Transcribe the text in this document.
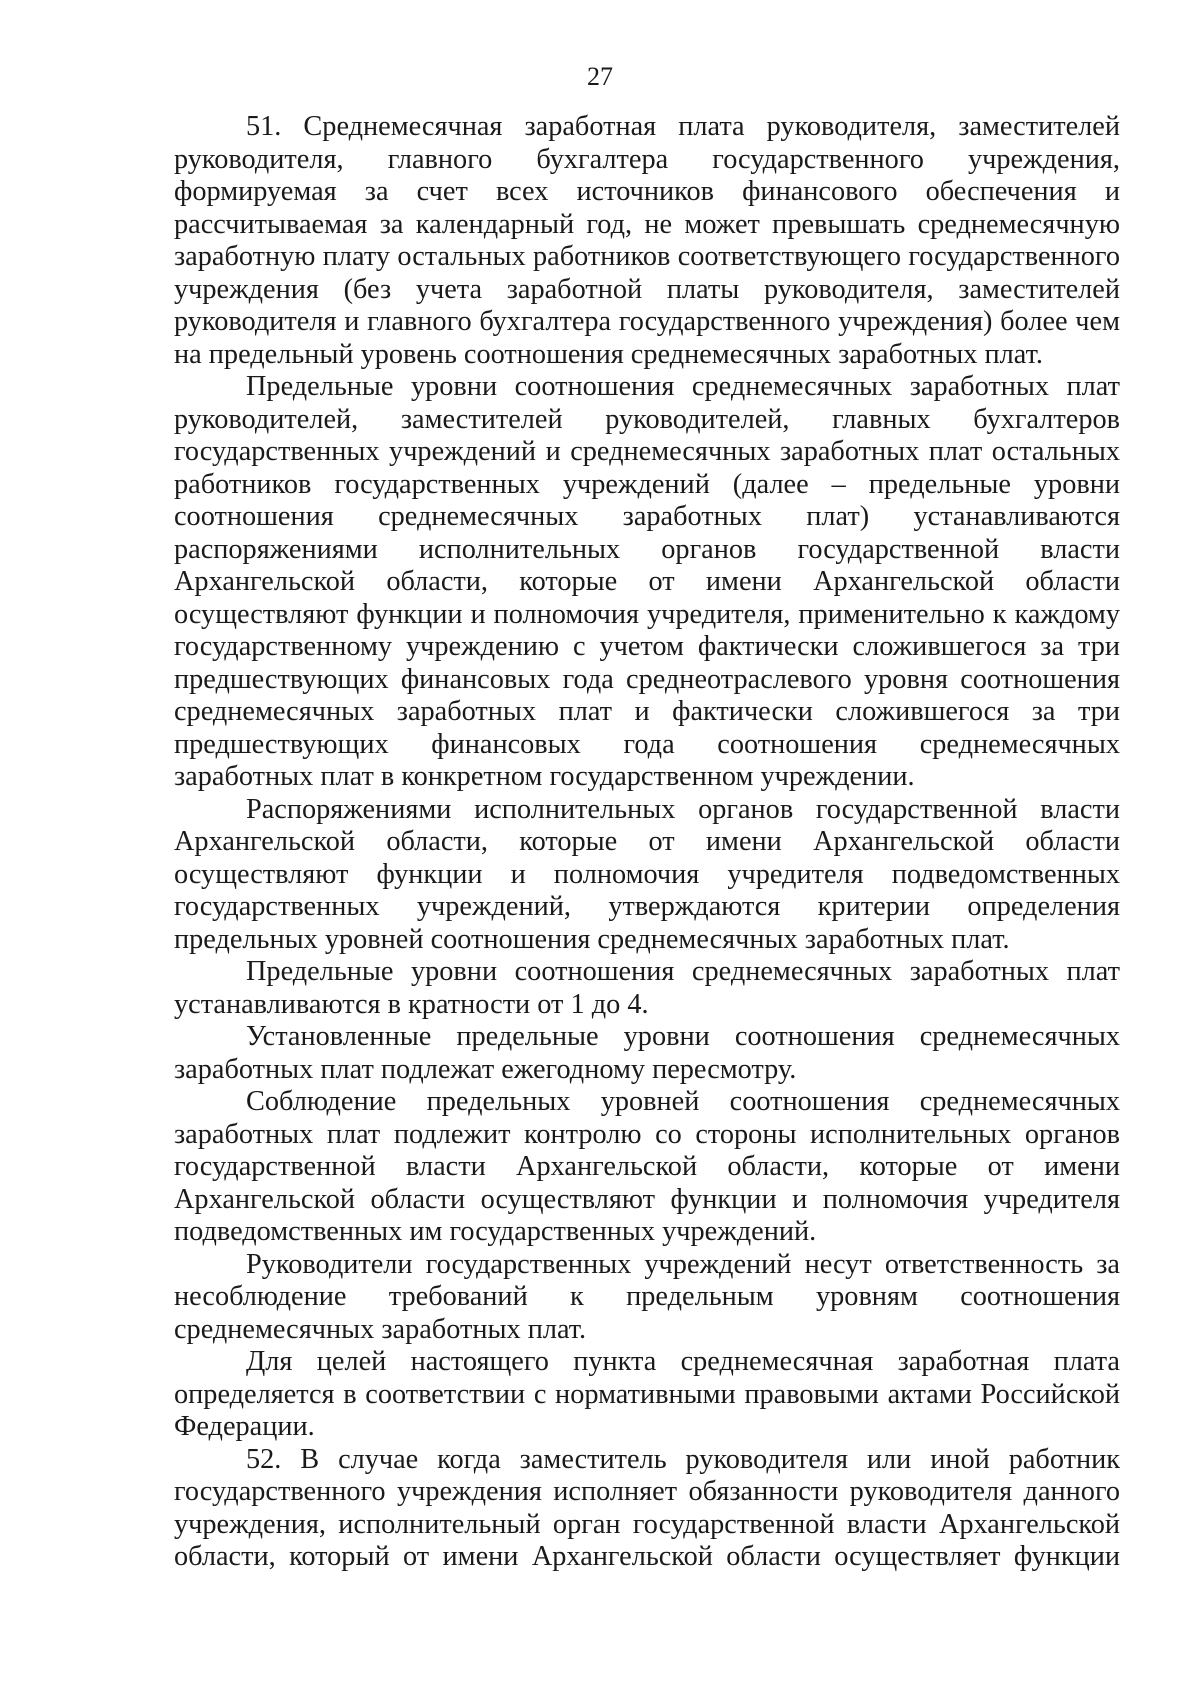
27

51. Среднемесячная заработная плата руководителя, заместителей руководителя, главного бухгалтера государственного учреждения, формируемая за счет всех источников финансового обеспечения и рассчитываемая за календарный год, не может превышать среднемесячную заработную плату остальных работников соответствующего государственного учреждения (без учета заработной платы руководителя, заместителей руководителя и главного бухгалтера государственного учреждения) более чем на предельный уровень соотношения среднемесячных заработных плат.

Предельные уровни соотношения среднемесячных заработных плат руководителей, заместителей руководителей, главных бухгалтеров государственных учреждений и среднемесячных заработных плат остальных работников государственных учреждений (далее – предельные уровни соотношения среднемесячных заработных плат) устанавливаются распоряжениями исполнительных органов государственной власти Архангельской области, которые от имени Архангельской области осуществляют функции и полномочия учредителя, применительно к каждому государственному учреждению с учетом фактически сложившегося за три предшествующих финансовых года среднеотраслевого уровня соотношения среднемесячных заработных плат и фактически сложившегося за три предшествующих финансовых года соотношения среднемесячных заработных плат в конкретном государственном учреждении.

Распоряжениями исполнительных органов государственной власти Архангельской области, которые от имени Архангельской области осуществляют функции и полномочия учредителя подведомственных государственных учреждений, утверждаются критерии определения предельных уровней соотношения среднемесячных заработных плат.

Предельные уровни соотношения среднемесячных заработных плат устанавливаются в кратности от 1 до 4.

Установленные предельные уровни соотношения среднемесячных заработных плат подлежат ежегодному пересмотру.

Соблюдение предельных уровней соотношения среднемесячных заработных плат подлежит контролю со стороны исполнительных органов государственной власти Архангельской области, которые от имени Архангельской области осуществляют функции и полномочия учредителя подведомственных им государственных учреждений.

Руководители государственных учреждений несут ответственность за несоблюдение требований к предельным уровням соотношения среднемесячных заработных плат.

Для целей настоящего пункта среднемесячная заработная плата определяется в соответствии с нормативными правовыми актами Российской Федерации.

52. В случае когда заместитель руководителя или иной работник государственного учреждения исполняет обязанности руководителя данного учреждения, исполнительный орган государственной власти Архангельской области, который от имени Архангельской области осуществляет функции
